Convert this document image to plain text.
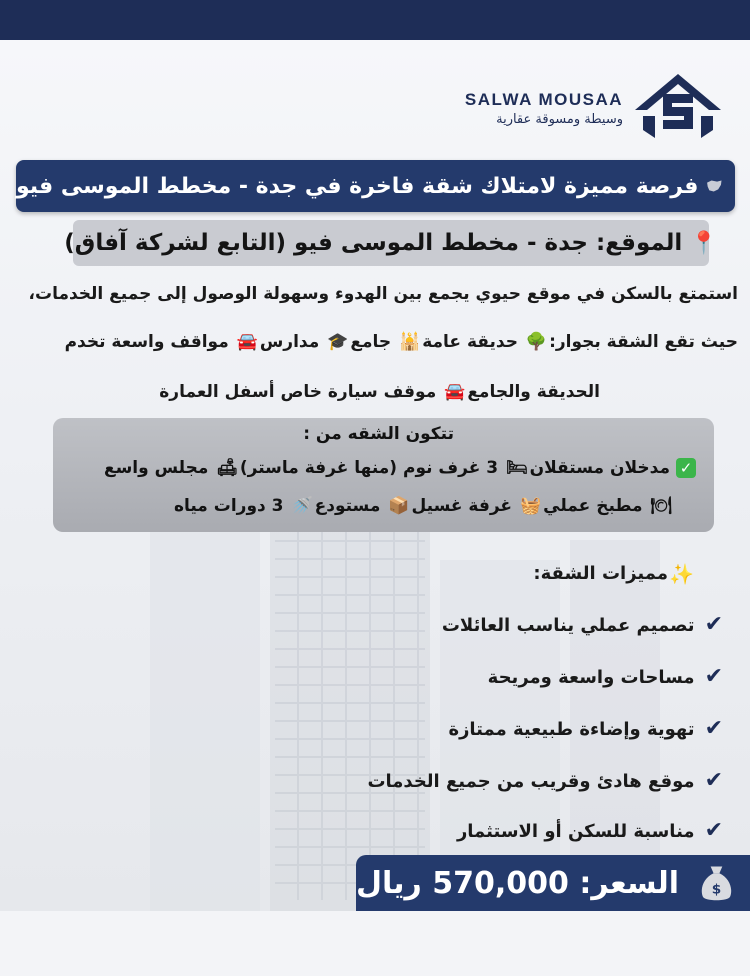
SALWA MOUSAA
وسيطة ومسوقة عقارية
فرصة مميزة لامتلاك شقة فاخرة في جدة - مخطط الموسى فيو
📍
الموقع: جدة - مخطط الموسى فيو (التابع لشركة آفاق)
استمتع بالسكن في موقع حيوي يجمع بين الهدوء وسهولة الوصول إلى جميع الخدمات،
حيث تقع الشقة بجوار:🌳 حديقة عامة🕌 جامع🎓 مدارس🚘 مواقف واسعة تخدم
الحديقة والجامع🚘 موقف سيارة خاص أسفل العمارة
تتكون الشقه من :
✓مدخلان مستقلان🛏 3 غرف نوم (منها غرفة ماستر)🛋 مجلس واسع
🍽 مطبخ عملي🧺 غرفة غسيل📦 مستودع🚿 3 دورات مياه
✨
مميزات الشقة:
✔تصميم عملي يناسب العائلات
✔مساحات واسعة ومريحة
✔تهوية وإضاءة طبيعية ممتازة
✔موقع هادئ وقريب من جميع الخدمات
✔مناسبة للسكن أو الاستثمار
$
السعر: 570,000 ريال
